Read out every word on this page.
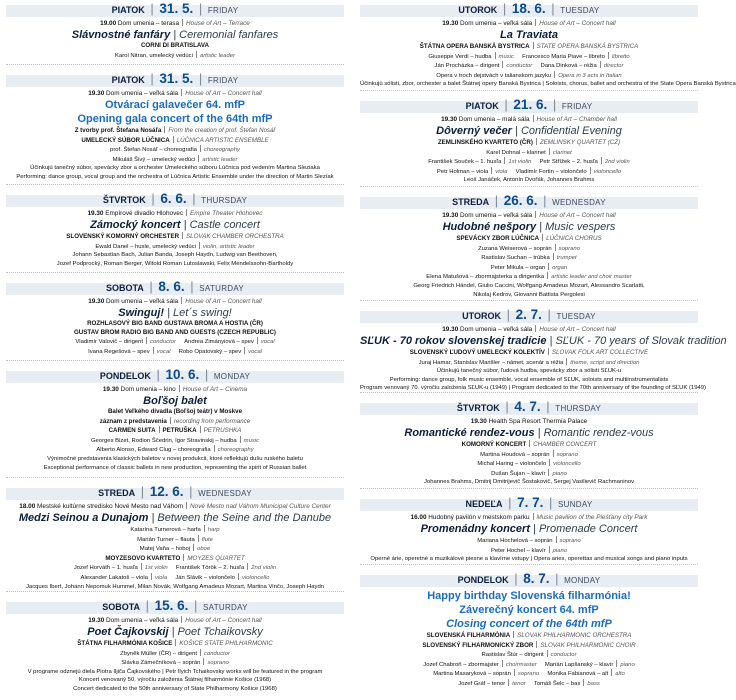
PIATOK | 31. 5. | FRIDAY
19.00 Dom umenia – terasa House of Art – Terrace
Slávnostné fanfáry | Ceremonial fanfares
CORNI DI BRATISLAVA
Karol Nitran, umelecký vedúci artistic leader
PIATOK | 31. 5. | FRIDAY
19.30 Dom umenia – veľká sála House of Art – Concert hall
Otvárací galavečer 64. mfP
Opening gala concert of the 64th mfP
Z tvorby prof. Štefana Nosáľa From the creation of prof. Štefan Nosáľ
UMELECKÝ SÚBOR LÚČNICA LÚČNICA ARTISTIC ENSEMBLE
prof. Štefan Nosáľ – choreografia choreography
Mikuláš Šivý – umelecký vedúci artistic leader
Účinkujú tanečný súbor, spevácky zbor a orchester Umeleckého súboru Lúčnica pod vedením Martina Sleziaka
Performing: dance group, vocal group and the orchestra of Lúčnica Artistic Ensemble under the direction of Martin Slezíak
ŠTVRTOK | 6. 6. | THURSDAY
19.30 Empírové divadlo Hlohovec Empire Theater Hlohovec
Zámocký koncert | Castle concert
SLOVENSKÝ KOMORNÝ ORCHESTER SLOVAK CHAMBER ORCHESTRA
Ewald Danel – husle, umelecký vedúci violin, artistic leader
Johann Sebastian Bach, Julian Banda, Joseph Haydn, Ludwig van Beethoven,
Jozef Podprocký, Roman Berger, Witold Roman Lutoslawski, Felix Mendelssohn-Bartholdy
SOBOTA | 8. 6. | SATURDAY
19.30 Dom umenia – veľká sála House of Art – Concert hall
Swinguj! | Let´s swing!
ROZHLASOVÝ BIG BAND GUSTAVA BROMA A HOSTIA (ČR)
GUSTAV BROM RADIO BIG BAND AND GUESTS (CZECH REPUBLIC)
Vladimír Valovič – dirigent conductor Andrea Zimányiová – spev vocal
Ivana Regešová – spev vocal Robo Opatovský – spev vocal
PONDELOK | 10. 6. | MONDAY
19.30 Dom umenia – kino House of Art – Cinema
Boľšoj balet
Balet Veľkého divadla (Boľšoj teátr) v Moskve
záznam z predstavenia recording from performance
CARMEN SUITA PETRUŠKA PETRUSHKA
Georges Bizet, Rodion Ščedrin, Igor Stravinskij – hudba music
Alberto Alonso, Edward Clug – choreografia choreography
Výnimočné predstavenia klasických baletov v novej produkcii, ktoré reflektujú dušu ruského baletu
Exceptional performance of classic ballets in new production, representing the spirit of Russian ballet
STREDA | 12. 6. | WEDNESDAY
18.00 Mestské kultúrne stredisko Nové Mesto nad Váhom Nové Mesto nad Váhom Municipal Culture Center
Medzi Seinou a Dunajom | Between the Seine and the Danube
Katarína Turnerová – harfa harp
Marián Turner – flauta flute
Matej Vaňa – hoboj oboe
MOYZESOVO KVARTETO MOYZES QUARTET
Jozef Horváth – 1. husľa 1st violin František Török – 2. husľa 2nd violin
Alexander Lakatoš – viola viola Ján Slávik – violončelo violoncello
Jacques Ibert, Johann Nepomuk Hummel, Milan Novák, Wolfgang Amadeus Mozart, Martina Vinčo, Joseph Haydn
SOBOTA | 15. 6. | SATURDAY
19.30 Dom umenia – veľká sála House of Art – Concert hall
Poet Čajkovskij | Poet Tchaikovsky
ŠTÁTNA FILHARMÓNIA KOŠICE KOŠICE STATE PHILHARMONIC
Zbyněk Müller (ČR) – dirigent conductor
Slávka Zámečníková – soprán soprano
V programe odznejú diela Piotra Iljiča Čajkovského | Petr Ilyich Tchaikovsky works will be featured in the program
Koncert venovaný 50. výročiu založenia Štátnej filharmónie Košice (1968)
Concert dedicated to the 50th anniversary of State Philharmony Košice (1968)
UTOROK | 18. 6. | TUESDAY
19.30 Dom umenia – veľká sála House of Art – Concert hall
La Traviata
ŠTÁTNA OPERA BANSKÁ BYSTRICA STATE OPERA BANSKÁ BYSTRICA
Giuseppe Verdi – hudba music Francesco Maria Piave – libreto libretto
Ján Procházka – dirigent conductor Dana Dinková – réžia director
Opera v troch dejstvách v talianskom jazyku Opera in 3 acts in Italian
Účinkujú sólisti, zbor, orchester a balet Štátnej opery Banská Bystrica | Soloists, chorus, ballet and orchestra of the State Opera Banská Bystrica
PIATOK | 21. 6. | FRIDAY
19.30 Dom umenia – malá sála House of Art – Chamber hall
Dôverný večer | Confidential Evening
ZEMLINSKÉHO KVARTETO (ČR) ZEMLINSKY QUARTET (CZ)
Karel Dohnal – klarinet clarinet
František Souček – 1. husľa 1st violin Petr Střížek – 2. husľa 2nd violin
Petr Holman – viola viola Vladimír Fortin – violončelo violoncello
Leoš Janáček, Antonín Dvořák, Johannes Brahms
STREDA | 26. 6. | WEDNESDAY
19.30 Dom umenia – veľká sála House of Art – Concert hall
Hudobné nešpory | Music vespers
SPEVÁCKY ZBOR LÚČNICA LÚČNICA CHORUS
Zuzana Weiserová – soprán soprano
Rastislav Suchan – trúbka trumpet
Peter Mikula – organ organ
Elena Matušová – zbormajsterka a dirigentka artistic leader and choir master
Georg Friedrich Händel, Giulio Caccini, Wolfgang Amadeus Mozart, Alessandro Scarlatti,
Nikolaj Kedrov, Giovanni Battista Pergolesi
UTOROK | 2. 7. | TUESDAY
19.30 Dom umenia – veľká sála House of Art – Concert hall
SĽUK - 70 rokov slovenskej tradície | SĽUK - 70 years of Slovak tradition
SLOVENSKÝ ĽUDOVÝ UMELECKÝ KOLEKTÍV SLOVAK FOLK ART COLLECTIVE
Juraj Hamar, Stanislav Marišler – námet, scenár a réžia theme, script and direction
Účinkujú tanečný súbor, ľudová hudba, spevácky zbor a sólisti SĽUK-u
Performing: dance group, folk music ensemble, vocal ensemble of SĽUK, soloists and multiinstrumentalists
Program venovaný 70. výročiu založenia SĽUK-u (1949) | Program dedicated to the 70th anniversary of the founding of SĽUK (1949)
ŠTVRTOK | 4. 7. | THURSDAY
19.30 Health Spa Resort Thermia Palace
Romantické rendez-vous | Romantic rendez-vous
KOMORNÝ KONCERT CHAMBER CONCERT
Martina Houdová – soprán soprano
Michal Haring – violončelo violoncello
Dušan Šujan – klavír piano
Johannes Brahms, Dmitrij Dmitrijevič Šostakovič, Sergej Vasilievič Rachmaninov
NEDEĽA | 7. 7. | SUNDAY
16.00 Hudobný pavilón v mestskom parku Music pavilion of the Piešťany city Park
Promenádny koncert | Promenade Concert
Mariana Hochelová – soprán soprano
Peter Hochel – klavír piano
Operné árie, operetné a muzikálové piesne a klavírne vstupy | Opera aries, operettas and musical songs and piano inputs
PONDELOK | 8. 7. | MONDAY
Happy birthday Slovenská filharmónia!
Záverečný koncert 64. mfP
Closing concert of the 64th mfP
SLOVENSKÁ FILHARMÓNIA SLOVAK PHILHARMONIC ORCHESTRA
SLOVENSKÝ FILHARMONICKÝ ZBOR SLOVAK PHILHARMONIC CHOIR
Rastislav Štúr – dirigent conductor
Jozef Chabroň – zbormajster choirmaster Marián Lapšanský – klavír piano
Martina Masaryková – soprán soprano Monika Fabianová – alt alto
Jozef Gráf – tenor tenor Tomáš Šelc – bas bass
